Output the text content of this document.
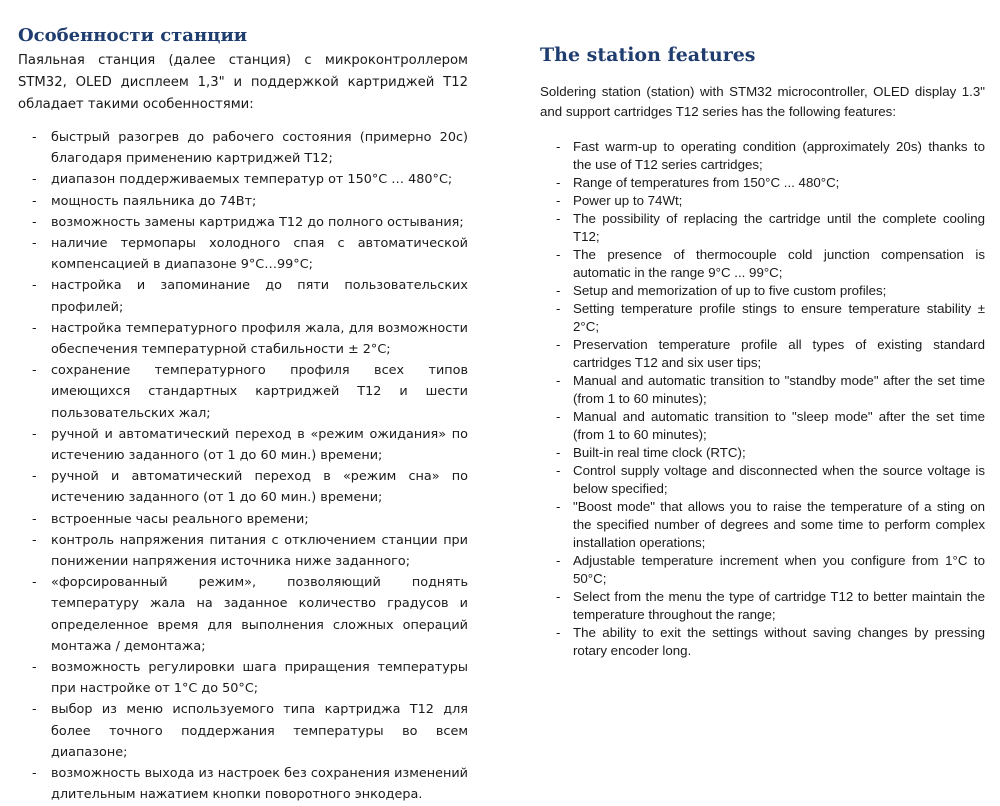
Особенности станции

Паяльная станция (далее станция) с микроконтроллером STM32, OLED дисплеем 1,3" и поддержкой картриджей T12 обладает такими особенностями:

- быстрый разогрев до рабочего состояния (примерно 20с) благодаря применению картриджей T12;
- диапазон поддерживаемых температур от 150°C … 480°C;
- мощность паяльника до 74Вт;
- возможность замены картриджа T12 до полного остывания;
- наличие термопары холодного спая с автоматической компенсацией в диапазоне 9°C…99°C;
- настройка и запоминание до пяти пользовательских профилей;
- настройка температурного профиля жала, для возможности обеспечения температурной стабильности ± 2°C;
- сохранение температурного профиля всех типов имеющихся стандартных картриджей T12 и шести пользовательских жал;
- ручной и автоматический переход в «режим ожидания» по истечению заданного (от 1 до 60 мин.) времени;
- ручной и автоматический переход в «режим сна» по истечению заданного (от 1 до 60 мин.) времени;
- встроенные часы реального времени;
- контроль напряжения питания с отключением станции при понижении напряжения источника ниже заданного;
- «форсированный режим», позволяющий поднять температуру жала на заданное количество градусов и определенное время для выполнения сложных операций монтажа / демонтажа;
- возможность регулировки шага приращения температуры при настройке от 1°C до 50°C;
- выбор из меню используемого типа картриджа T12 для более точного поддержания температуры во всем диапазоне;
- возможность выхода из настроек без сохранения изменений длительным нажатием кнопки поворотного энкодера.
The station features

Soldering station (station) with STM32 microcontroller, OLED display 1.3" and support cartridges T12 series has the following features:

- Fast warm-up to operating condition (approximately 20s) thanks to the use of T12 series cartridges;
- Range of temperatures from 150°C ... 480°C;
- Power up to 74Wt;
- The possibility of replacing the cartridge until the complete cooling T12;
- The presence of thermocouple cold junction compensation is automatic in the range 9°C ... 99°C;
- Setup and memorization of up to five custom profiles;
- Setting temperature profile stings to ensure temperature stability ± 2°C;
- Preservation temperature profile all types of existing standard cartridges T12 and six user tips;
- Manual and automatic transition to "standby mode" after the set time (from 1 to 60 minutes);
- Manual and automatic transition to "sleep mode" after the set time (from 1 to 60 minutes);
- Built-in real time clock (RTC);
- Control supply voltage and disconnected when the source voltage is below specified;
- "Boost mode" that allows you to raise the temperature of a sting on the specified number of degrees and some time to perform complex installation operations;
- Adjustable temperature increment when you configure from 1°C to 50°C;
- Select from the menu the type of cartridge T12 to better maintain the temperature throughout the range;
- The ability to exit the settings without saving changes by pressing rotary encoder long.
